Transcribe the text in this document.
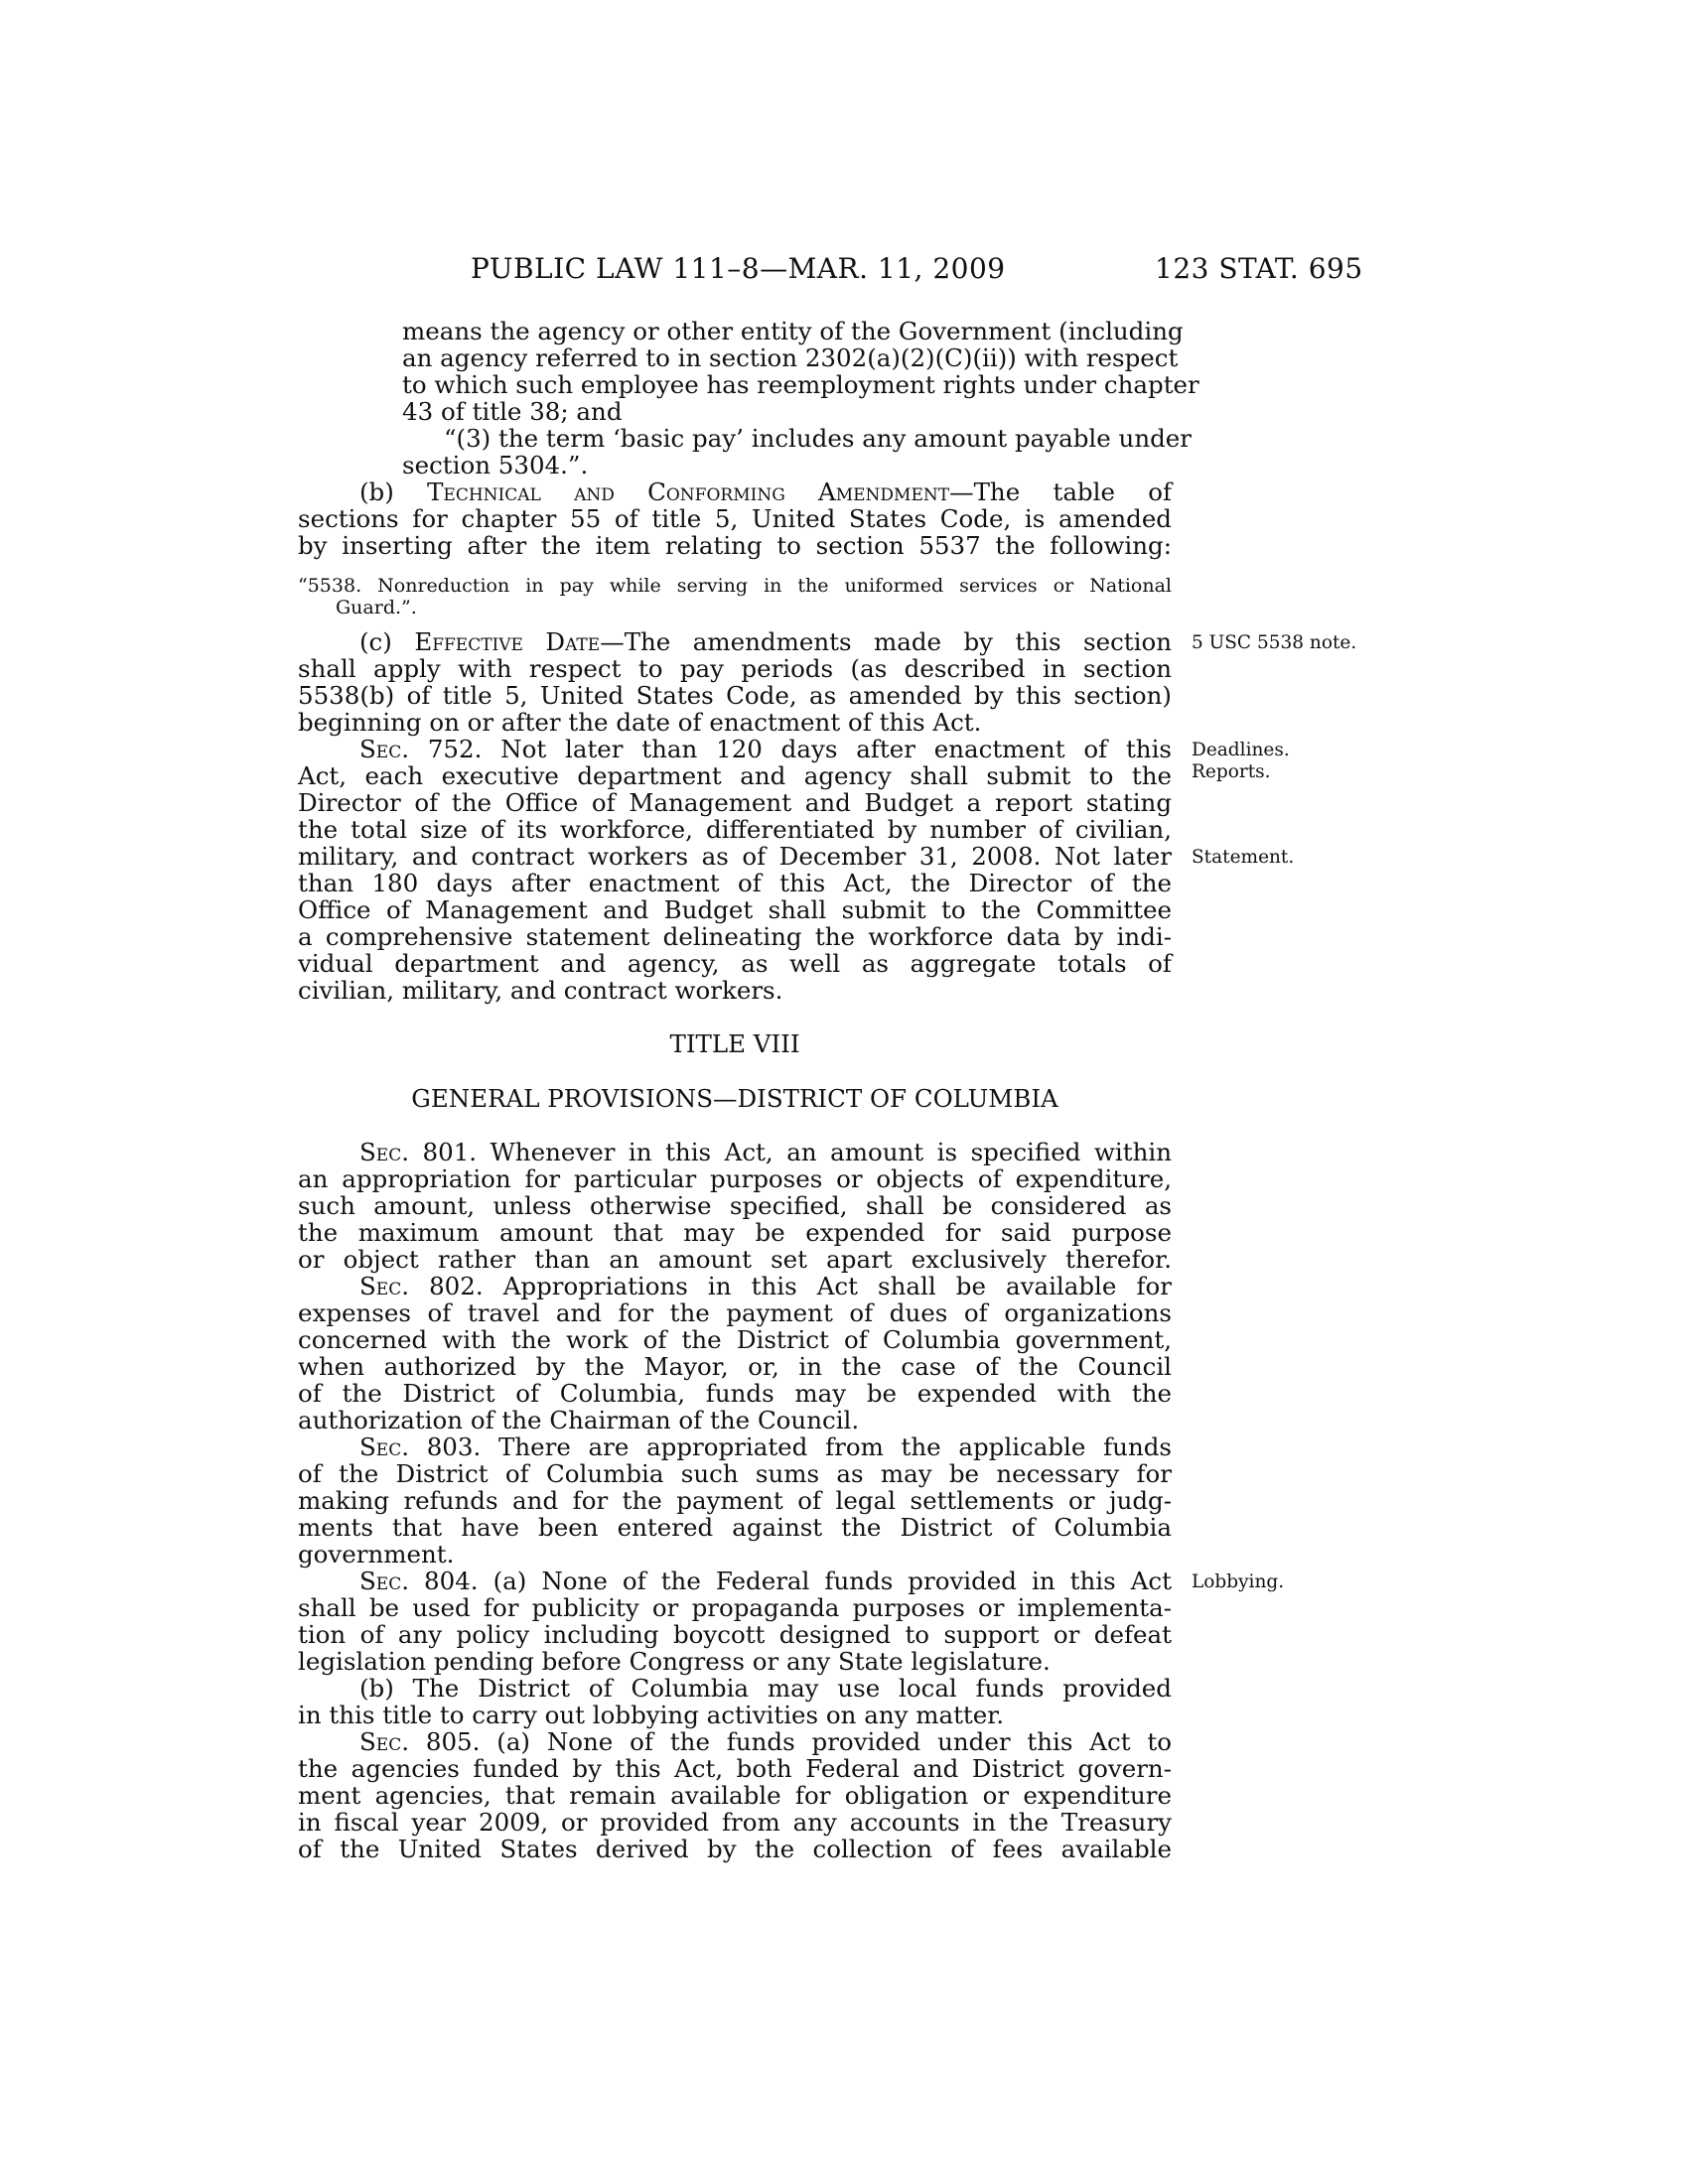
PUBLIC LAW 111–8—MAR. 11, 2009	123 STAT. 695
means the agency or other entity of the Government (including
an agency referred to in section 2302(a)(2)(C)(ii)) with respect
to which such employee has reemployment rights under chapter
43 of title 38; and
“(3) the term ‘basic pay’ includes any amount payable under
section 5304.”.
(b) Technical and Conforming Amendment—The table of
sections for chapter 55 of title 5, United States Code, is amended
by inserting after the item relating to section 5537 the following:
“5538. Nonreduction in pay while serving in the uniformed services or National
Guard.”.
(c) Effective Date—The amendments made by this section
shall apply with respect to pay periods (as described in section
5538(b) of title 5, United States Code, as amended by this section)
beginning on or after the date of enactment of this Act.
Sec. 752. Not later than 120 days after enactment of this
Act, each executive department and agency shall submit to the
Director of the Office of Management and Budget a report stating
the total size of its workforce, differentiated by number of civilian,
military, and contract workers as of December 31, 2008. Not later
than 180 days after enactment of this Act, the Director of the
Office of Management and Budget shall submit to the Committee
a comprehensive statement delineating the workforce data by indi-
vidual department and agency, as well as aggregate totals of
civilian, military, and contract workers.
TITLE VIII
GENERAL PROVISIONS—DISTRICT OF COLUMBIA
Sec. 801. Whenever in this Act, an amount is specified within
an appropriation for particular purposes or objects of expenditure,
such amount, unless otherwise specified, shall be considered as
the maximum amount that may be expended for said purpose
or object rather than an amount set apart exclusively therefor.
Sec. 802. Appropriations in this Act shall be available for
expenses of travel and for the payment of dues of organizations
concerned with the work of the District of Columbia government,
when authorized by the Mayor, or, in the case of the Council
of the District of Columbia, funds may be expended with the
authorization of the Chairman of the Council.
Sec. 803. There are appropriated from the applicable funds
of the District of Columbia such sums as may be necessary for
making refunds and for the payment of legal settlements or judg-
ments that have been entered against the District of Columbia
government.
Sec. 804. (a) None of the Federal funds provided in this Act
shall be used for publicity or propaganda purposes or implementa-
tion of any policy including boycott designed to support or defeat
legislation pending before Congress or any State legislature.
(b) The District of Columbia may use local funds provided
in this title to carry out lobbying activities on any matter.
Sec. 805. (a) None of the funds provided under this Act to
the agencies funded by this Act, both Federal and District govern-
ment agencies, that remain available for obligation or expenditure
in fiscal year 2009, or provided from any accounts in the Treasury
of the United States derived by the collection of fees available
5 USC 5538 note.
Deadlines.
Reports.
Statement.
Lobbying.
